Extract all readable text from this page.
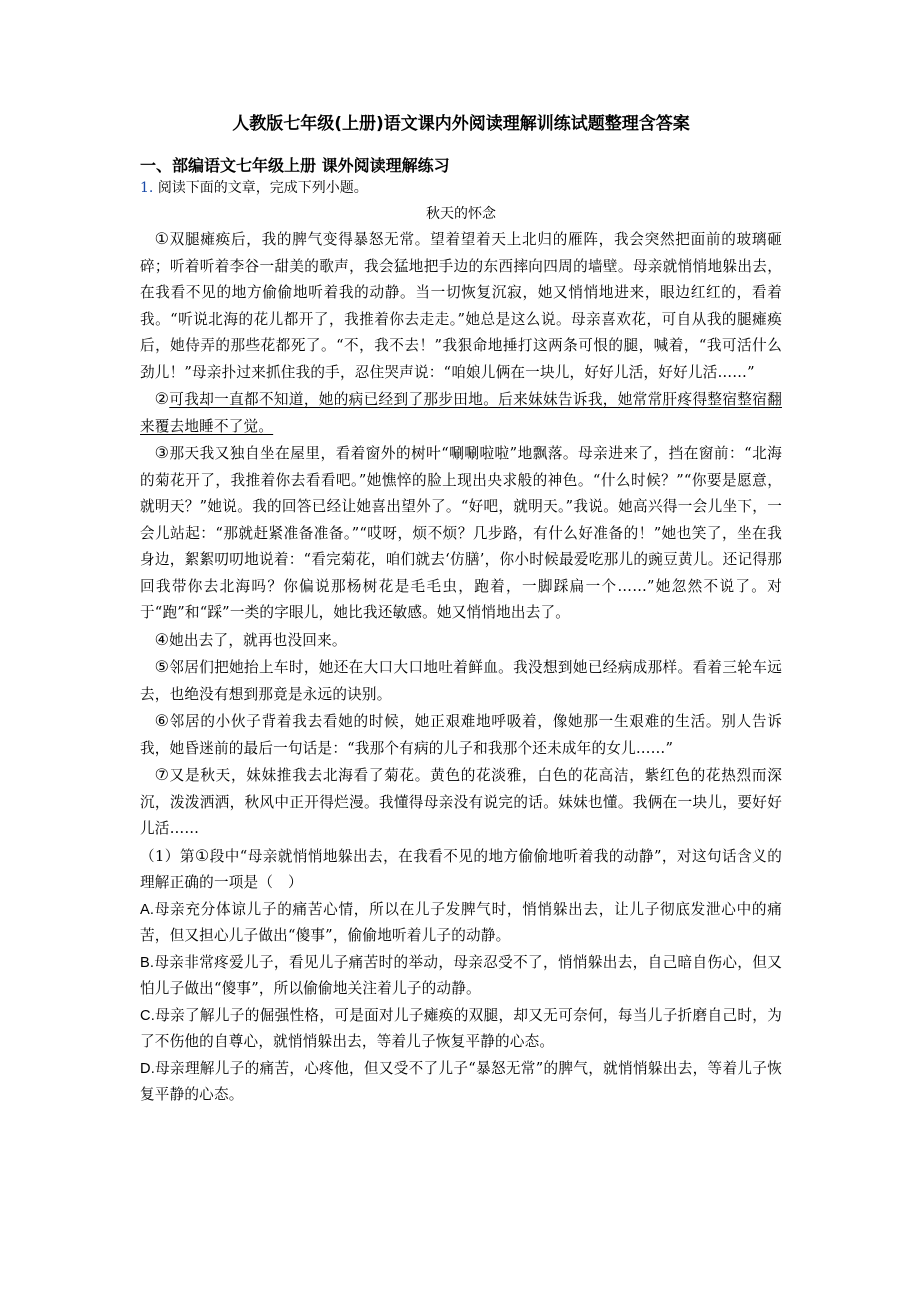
人教版七年级(上册)语文课内外阅读理解训练试题整理含答案
一、部编语文七年级上册 课外阅读理解练习

1. 阅读下面的文章，完成下列小题。

秋天的怀念

①双腿瘫痪后，我的脾气变得暴怒无常。望着望着天上北归的雁阵，我会突然把面前的玻璃砸碎；听着听着李谷一甜美的歌声，我会猛地把手边的东西摔向四周的墙壁。母亲就悄悄地躲出去，在我看不见的地方偷偷地听着我的动静。当一切恢复沉寂，她又悄悄地进来，眼边红红的，看着我。“听说北海的花儿都开了，我推着你去走走。”她总是这么说。母亲喜欢花，可自从我的腿瘫痪后，她侍弄的那些花都死了。“不，我不去！”我狠命地捶打这两条可恨的腿，喊着，“我可活什么劲儿！”母亲扑过来抓住我的手，忍住哭声说：“咱娘儿俩在一块儿，好好儿活，好好儿活……”

②可我却一直都不知道，她的病已经到了那步田地。后来妹妹告诉我，她常常肝疼得整宿整宿翻来覆去地睡不了觉。

③那天我又独自坐在屋里，看着窗外的树叶“唰唰啦啦”地飘落。母亲进来了，挡在窗前：“北海的菊花开了，我推着你去看看吧。”她憔悴的脸上现出央求般的神色。“什么时候？”“你要是愿意，就明天？”她说。我的回答已经让她喜出望外了。“好吧，就明天。”我说。她高兴得一会儿坐下，一会儿站起：“那就赶紧准备准备。”“哎呀，烦不烦？几步路，有什么好准备的！”她也笑了，坐在我身边，絮絮叨叨地说着：“看完菊花，咱们就去‘仿膳’，你小时候最爱吃那儿的豌豆黄儿。还记得那回我带你去北海吗？你偏说那杨树花是毛毛虫，跑着，一脚踩扁一个……”她忽然不说了。对于“跑”和“踩”一类的字眼儿，她比我还敏感。她又悄悄地出去了。

④她出去了，就再也没回来。

⑤邻居们把她抬上车时，她还在大口大口地吐着鲜血。我没想到她已经病成那样。看着三轮车远去，也绝没有想到那竟是永远的诀别。

⑥邻居的小伙子背着我去看她的时候，她正艰难地呼吸着，像她那一生艰难的生活。别人告诉我，她昏迷前的最后一句话是：“我那个有病的儿子和我那个还未成年的女儿……”

⑦又是秋天，妹妹推我去北海看了菊花。黄色的花淡雅，白色的花高洁，紫红色的花热烈而深沉，泼泼洒洒，秋风中正开得烂漫。我懂得母亲没有说完的话。妹妹也懂。我俩在一块儿，要好好儿活……

（1）第①段中“母亲就悄悄地躲出去，在我看不见的地方偷偷地听着我的动静”，对这句话含义的理解正确的一项是（　）

A.母亲充分体谅儿子的痛苦心情，所以在儿子发脾气时，悄悄躲出去，让儿子彻底发泄心中的痛苦，但又担心儿子做出“傻事”，偷偷地听着儿子的动静。

B.母亲非常疼爱儿子，看见儿子痛苦时的举动，母亲忍受不了，悄悄躲出去，自己暗自伤心，但又怕儿子做出“傻事”，所以偷偷地关注着儿子的动静。

C.母亲了解儿子的倔强性格，可是面对儿子瘫痪的双腿，却又无可奈何，每当儿子折磨自己时，为了不伤他的自尊心，就悄悄躲出去，等着儿子恢复平静的心态。

D.母亲理解儿子的痛苦，心疼他，但又受不了儿子“暴怒无常”的脾气，就悄悄躲出去，等着儿子恢复平静的心态。
